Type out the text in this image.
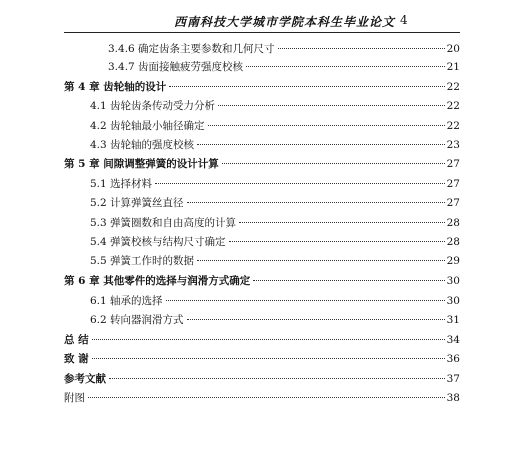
西南科技大学城市学院本科生毕业论文 4
3.4.6 确定齿条主要参数和几何尺寸	20
3.4.7 齿面接触疲劳强度校核	21
第 4 章 齿轮轴的设计	22
4.1 齿轮齿条传动受力分析	22
4.2 齿轮轴最小轴径确定	22
4.3 齿轮轴的强度校核	23
第 5 章 间隙调整弹簧的设计计算	27
5.1 选择材料	27
5.2 计算弹簧丝直径	27
5.3 弹簧圈数和自由高度的计算	28
5.4 弹簧校核与结构尺寸确定	28
5.5 弹簧工作时的数据	29
第 6 章 其他零件的选择与润滑方式确定	30
6.1 轴承的选择	30
6.2 转向器润滑方式	31
总 结	34
致 谢	36
参考文献	37
附图	38
